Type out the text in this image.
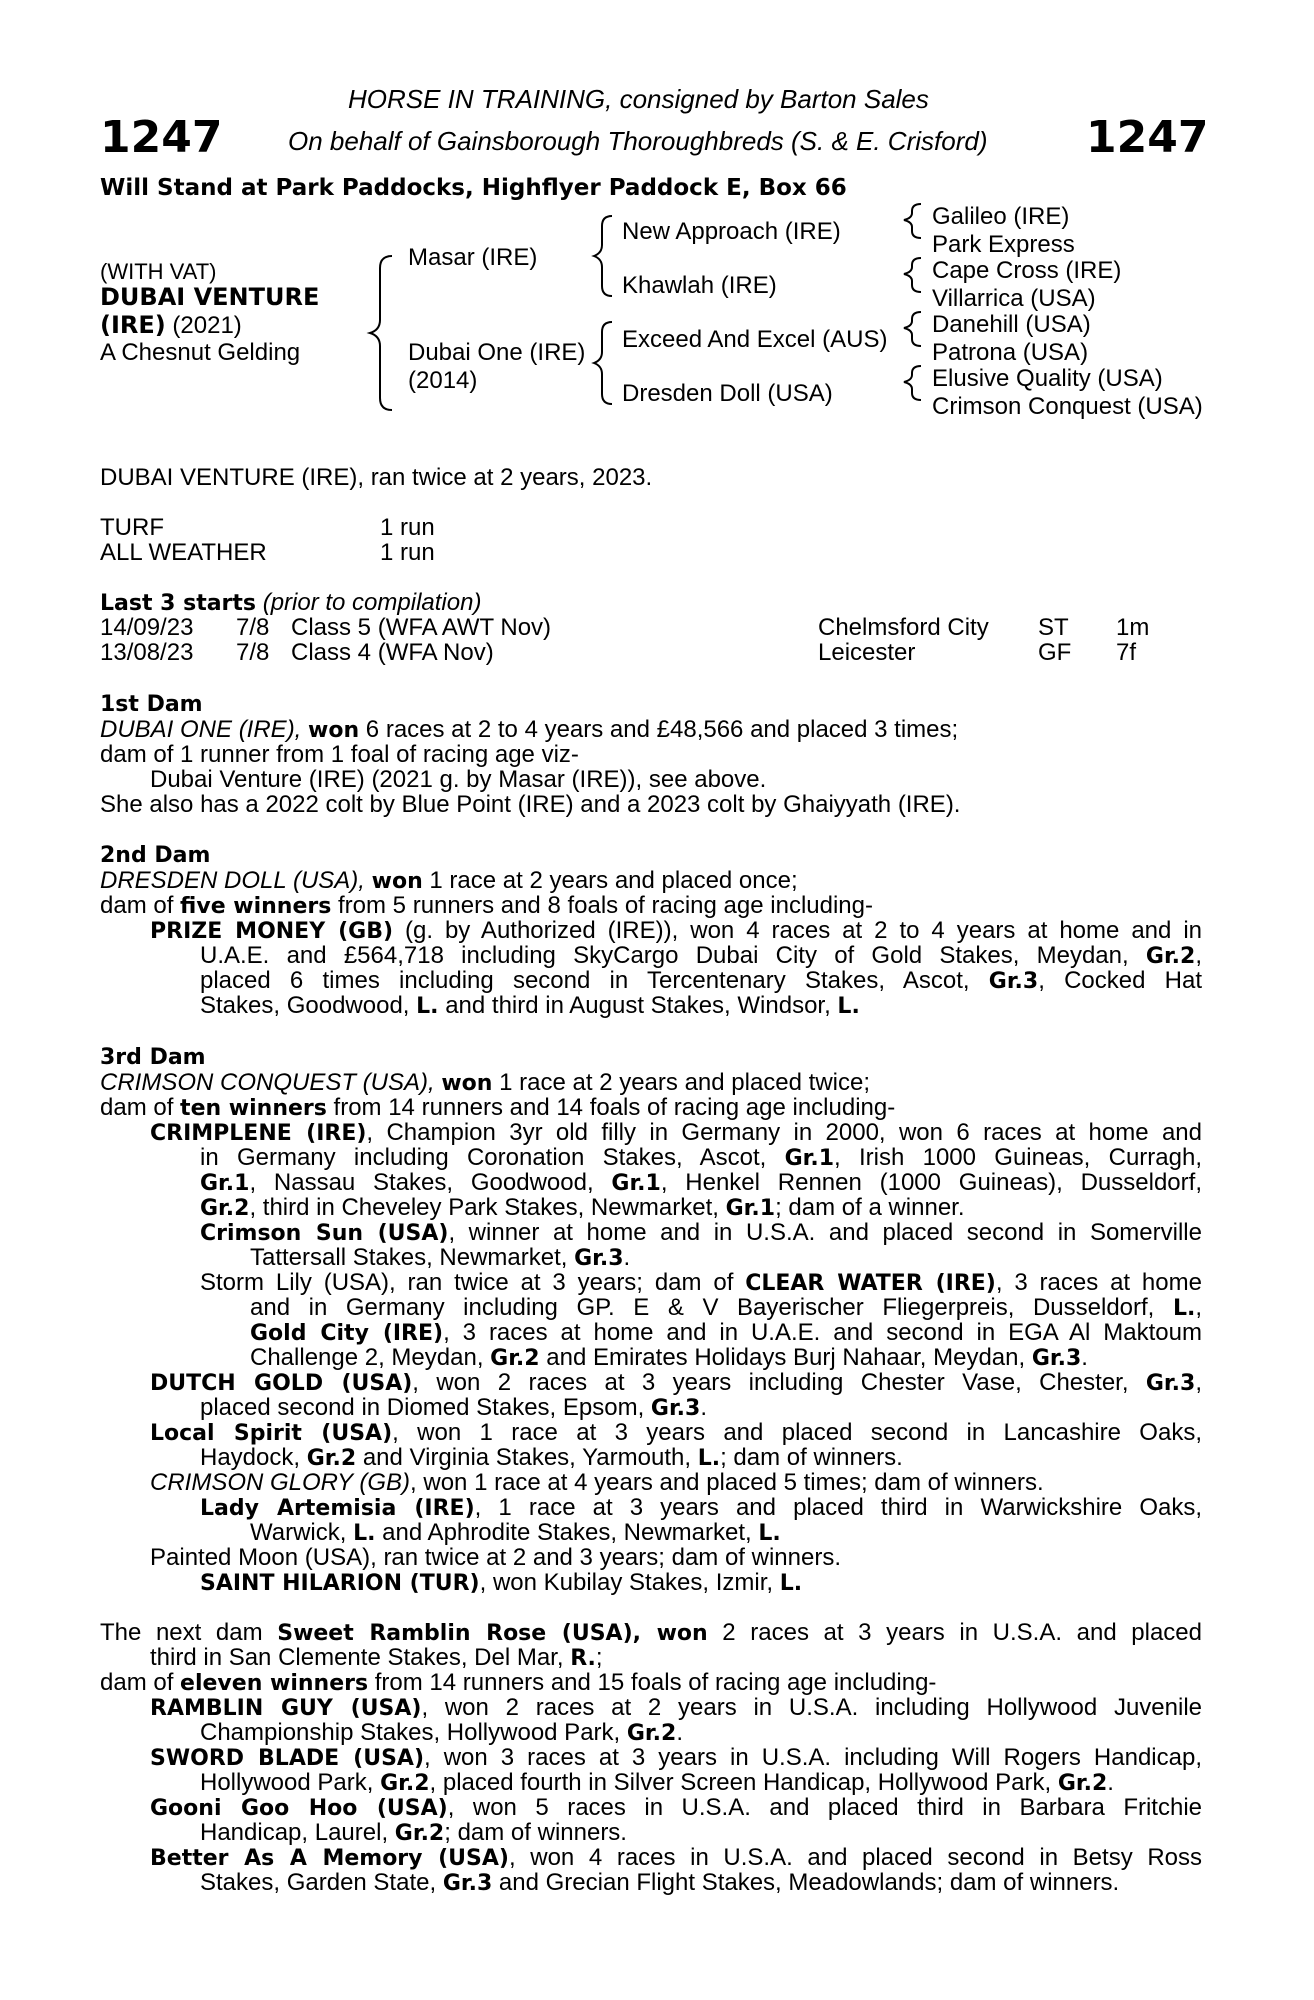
HORSE IN TRAINING, consigned by Barton Sales
1247	On behalf of Gainsborough Thoroughbreds (S. & E. Crisford) 1247
Will Stand at Park Paddocks, Highflyer Paddock E, Box 66
(WITH VAT)
DUBAI VENTURE
(IRE) (2021)
A Chesnut Gelding
Masar (IRE)
Dubai One (IRE)
(2014)
New Approach (IRE)
Khawlah (IRE)
Exceed And Excel (AUS)
Dresden Doll (USA)
Galileo (IRE)
Park Express
Cape Cross (IRE)
Villarrica (USA)
Danehill (USA)
Patrona (USA)
Elusive Quality (USA)
Crimson Conquest (USA)
DUBAI VENTURE (IRE), ran twice at 2 years, 2023.
TURF	1 run
ALL WEATHER	1 run
Last 3 starts (prior to compilation)
14/09/23 7/8 Class 5 (WFA AWT Nov)	Chelmsford City ST 1m
13/08/23 7/8 Class 4 (WFA Nov)	Leicester	GF 7f
1st Dam
DUBAI ONE (IRE), won 6 races at 2 to 4 years and £48,566 and placed 3 times;
dam of 1 runner from 1 foal of racing age viz-
Dubai Venture (IRE) (2021 g. by Masar (IRE)), see above.
She also has a 2022 colt by Blue Point (IRE) and a 2023 colt by Ghaiyyath (IRE).
2nd Dam
DRESDEN DOLL (USA), won 1 race at 2 years and placed once;
dam of five winners from 5 runners and 8 foals of racing age including-
PRIZE MONEY (GB) (g. by Authorized (IRE)), won 4 races at 2 to 4 years at home and in
U.A.E. and £564,718 including SkyCargo Dubai City of Gold Stakes, Meydan, Gr.2,
placed 6 times including second in Tercentenary Stakes, Ascot, Gr.3, Cocked Hat
Stakes, Goodwood, L. and third in August Stakes, Windsor, L.
3rd Dam
CRIMSON CONQUEST (USA), won 1 race at 2 years and placed twice;
dam of ten winners from 14 runners and 14 foals of racing age including-
CRIMPLENE (IRE), Champion 3yr old filly in Germany in 2000, won 6 races at home and
in Germany including Coronation Stakes, Ascot, Gr.1, Irish 1000 Guineas, Curragh,
Gr.1, Nassau Stakes, Goodwood, Gr.1, Henkel Rennen (1000 Guineas), Dusseldorf,
Gr.2, third in Cheveley Park Stakes, Newmarket, Gr.1; dam of a winner.
Crimson Sun (USA), winner at home and in U.S.A. and placed second in Somerville
Tattersall Stakes, Newmarket, Gr.3.
Storm Lily (USA), ran twice at 3 years; dam of CLEAR WATER (IRE), 3 races at home
and in Germany including GP. E & V Bayerischer Fliegerpreis, Dusseldorf, L.,
Gold City (IRE), 3 races at home and in U.A.E. and second in EGA Al Maktoum
Challenge 2, Meydan, Gr.2 and Emirates Holidays Burj Nahaar, Meydan, Gr.3.
DUTCH GOLD (USA), won 2 races at 3 years including Chester Vase, Chester, Gr.3,
placed second in Diomed Stakes, Epsom, Gr.3.
Local Spirit (USA), won 1 race at 3 years and placed second in Lancashire Oaks,
Haydock, Gr.2 and Virginia Stakes, Yarmouth, L.; dam of winners.
CRIMSON GLORY (GB), won 1 race at 4 years and placed 5 times; dam of winners.
Lady Artemisia (IRE), 1 race at 3 years and placed third in Warwickshire Oaks,
Warwick, L. and Aphrodite Stakes, Newmarket, L.
Painted Moon (USA), ran twice at 2 and 3 years; dam of winners.
SAINT HILARION (TUR), won Kubilay Stakes, Izmir, L.
The next dam Sweet Ramblin Rose (USA), won 2 races at 3 years in U.S.A. and placed
third in San Clemente Stakes, Del Mar, R.;
dam of eleven winners from 14 runners and 15 foals of racing age including-
RAMBLIN GUY (USA), won 2 races at 2 years in U.S.A. including Hollywood Juvenile
Championship Stakes, Hollywood Park, Gr.2.
SWORD BLADE (USA), won 3 races at 3 years in U.S.A. including Will Rogers Handicap,
Hollywood Park, Gr.2, placed fourth in Silver Screen Handicap, Hollywood Park, Gr.2.
Gooni Goo Hoo (USA), won 5 races in U.S.A. and placed third in Barbara Fritchie
Handicap, Laurel, Gr.2; dam of winners.
Better As A Memory (USA), won 4 races in U.S.A. and placed second in Betsy Ross
Stakes, Garden State, Gr.3 and Grecian Flight Stakes, Meadowlands; dam of winners.
